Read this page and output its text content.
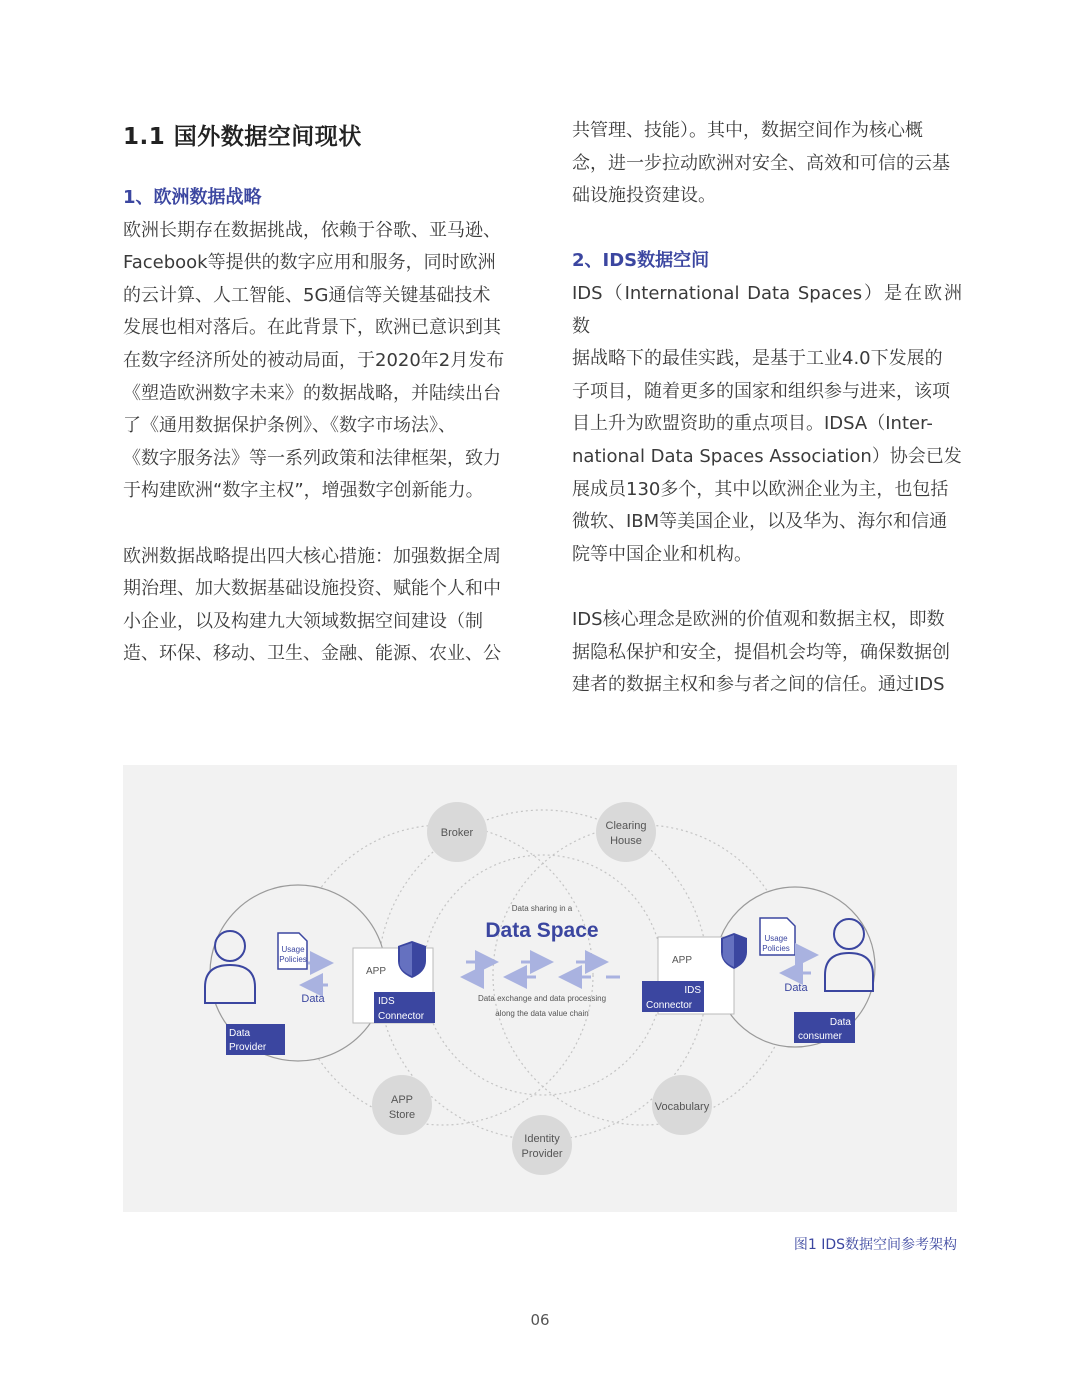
1.1 国外数据空间现状

1、欧洲数据战略

欧洲长期存在数据挑战，依赖于谷歌、亚马逊、
Facebook等提供的数字应用和服务，同时欧洲
的云计算、人工智能、5G通信等关键基础技术
发展也相对落后。在此背景下，欧洲已意识到其
在数字经济所处的被动局面，于2020年2月发布
《塑造欧洲数字未来》的数据战略，并陆续出台
了《通用数据保护条例》、《数字市场法》、
《数字服务法》等一系列政策和法律框架，致力
于构建欧洲“数字主权”，增强数字创新能力。
欧洲数据战略提出四大核心措施：加强数据全周
期治理、加大数据基础设施投资、赋能个人和中
小企业，以及构建九大领域数据空间建设（制
造、环保、移动、卫生、金融、能源、农业、公
共管理、技能）。其中，数据空间作为核心概
念，进一步拉动欧洲对安全、高效和可信的云基
础设施投资建设。

2、IDS数据空间

IDS（International Data Spaces）是在欧洲数
据战略下的最佳实践，是基于工业4.0下发展的
子项目，随着更多的国家和组织参与进来，该项
目上升为欧盟资助的重点项目。IDSA（Inter-
national Data Spaces Association）协会已发
展成员130多个，其中以欧洲企业为主，也包括
微软、IBM等美国企业，以及华为、海尔和信通
院等中国企业和机构。
IDS核心理念是欧洲的价值观和数据主权，即数
据隐私保护和安全，提倡机会均等，确保数据创
建者的数据主权和参与者之间的信任。通过IDS
Broker
Clearing
House
APP
Store
Identity
Provider
Vocabulary
Data sharing in a
Data Space
Data exchange and data processing
along the data value chain
Usage
Policies
Data
Data
Provider
APP
IDS
Connector
APP
IDS
Connector
Usage
Policies
Data
Data
consumer

图1 IDS数据空间参考架构

06
